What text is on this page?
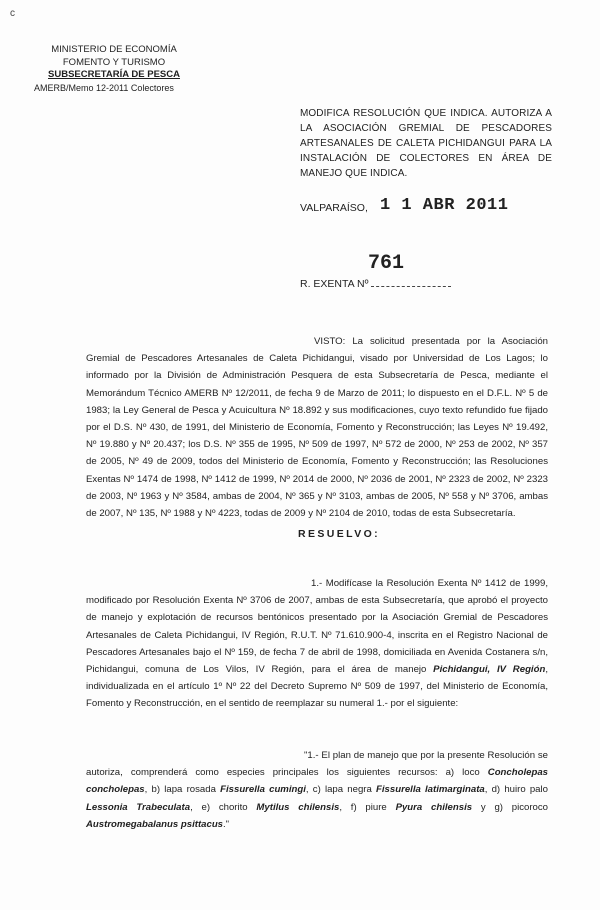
c
MINISTERIO DE ECONOMÍA
FOMENTO Y TURISMO
SUBSECRETARÍA DE PESCA
AMERB/Memo 12-2011 Colectores
MODIFICA RESOLUCIÓN QUE INDICA. AUTORIZA A LA ASOCIACIÓN GREMIAL DE PESCADORES ARTESANALES DE CALETA PICHIDANGUI PARA LA INSTALACIÓN DE COLECTORES EN ÁREA DE MANEJO QUE INDICA.
VALPARAÍSO, 1 1 ABR 2011
761
R. EXENTA Nº
VISTO: La solicitud presentada por la Asociación Gremial de Pescadores Artesanales de Caleta Pichidangui, visado por Universidad de Los Lagos; lo informado por la División de Administración Pesquera de esta Subsecretaría de Pesca, mediante el Memorándum Técnico AMERB Nº 12/2011, de fecha 9 de Marzo de 2011; lo dispuesto en el D.F.L. Nº 5 de 1983; la Ley General de Pesca y Acuicultura Nº 18.892 y sus modificaciones, cuyo texto refundido fue fijado por el D.S. Nº 430, de 1991, del Ministerio de Economía, Fomento y Reconstrucción; las Leyes Nº 19.492, Nº 19.880 y Nº 20.437; los D.S. Nº 355 de 1995, Nº 509 de 1997, Nº 572 de 2000, Nº 253 de 2002, Nº 357 de 2005, Nº 49 de 2009, todos del Ministerio de Economía, Fomento y Reconstrucción; las Resoluciones Exentas Nº 1474 de 1998, Nº 1412 de 1999, Nº 2014 de 2000, Nº 2036 de 2001, Nº 2323 de 2002, Nº 2323 de 2003, Nº 1963 y Nº 3584, ambas de 2004, Nº 365 y Nº 3103, ambas de 2005, Nº 558 y Nº 3706, ambas de 2007, Nº 135, Nº 1988 y Nº 4223, todas de 2009 y Nº 2104 de 2010, todas de esta Subsecretaría.
RESUELVO:
1.- Modifícase la Resolución Exenta Nº 1412 de 1999, modificado por Resolución Exenta Nº 3706 de 2007, ambas de esta Subsecretaría, que aprobó el proyecto de manejo y explotación de recursos bentónicos presentado por la Asociación Gremial de Pescadores Artesanales de Caleta Pichidangui, IV Región, R.U.T. Nº 71.610.900-4, inscrita en el Registro Nacional de Pescadores Artesanales bajo el Nº 159, de fecha 7 de abril de 1998, domiciliada en Avenida Costanera s/n, Pichidangui, comuna de Los Vilos, IV Región, para el área de manejo Pichidangui, IV Región, individualizada en el artículo 1º Nº 22 del Decreto Supremo Nº 509 de 1997, del Ministerio de Economía, Fomento y Reconstrucción, en el sentido de reemplazar su numeral 1.- por el siguiente:
"1.- El plan de manejo que por la presente Resolución se autoriza, comprenderá como especies principales los siguientes recursos: a) loco Concholepas concholepas, b) lapa rosada Fissurella cumingi, c) lapa negra Fissurella latimarginata, d) huiro palo Lessonia Trabeculata, e) chorito Mytilus chilensis, f) piure Pyura chilensis y g) picoroco Austromegabalanus psittacus."
